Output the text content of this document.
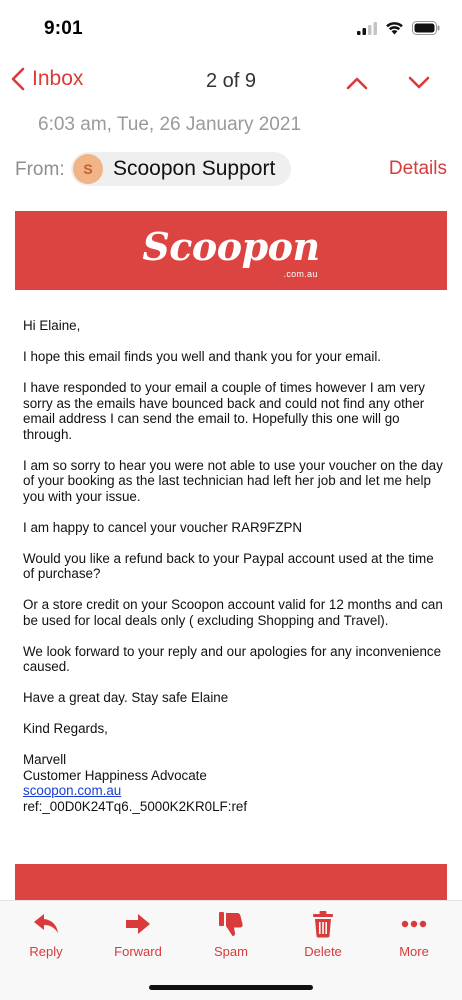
9:01
Inbox	2 of 9
6:03 am, Tue, 26 January 2021
From:	S Scoopon Support	Details
Scoopon
.com.au

Hi Elaine,

I hope this email finds you well and thank you for your email.

I have responded to your email a couple of times however I am very sorry as the emails have bounced back and could not find any other email address I can send the email to. Hopefully this one will go through.

I am so sorry to hear you were not able to use your voucher on the day of your booking as the last technician had left her job and let me help you with your issue.

I am happy to cancel your voucher RAR9FZPN

Would you like a refund back to your Paypal account used at the time of purchase?

Or a store credit on your Scoopon account valid for 12 months and can be used for local deals only ( excluding Shopping and Travel).

We look forward to your reply and our apologies for any inconvenience caused.

Have a great day. Stay safe Elaine

Kind Regards,

Marvell
Customer Happiness Advocate
scoopon.com.au
ref:_00D0K24Tq6._5000K2KR0LF:ref
Reply	Forward	Spam	Delete	More
